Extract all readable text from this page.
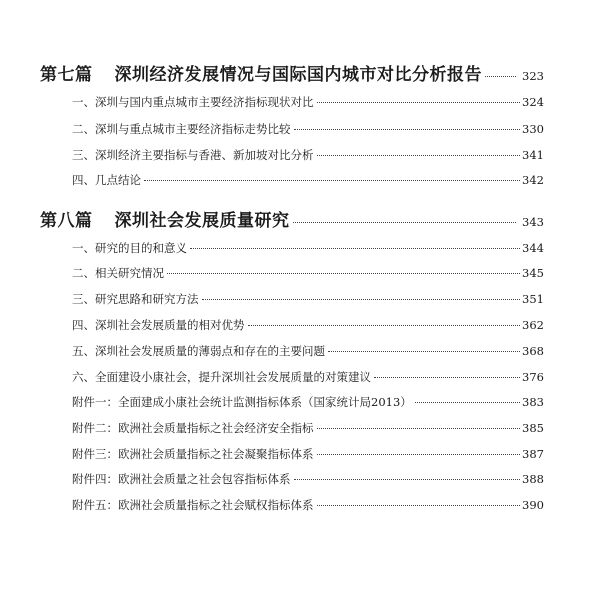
第七篇 深圳经济发展情况与国际国内城市对比分析报告	323
一、深圳与国内重点城市主要经济指标现状对比	324
二、深圳与重点城市主要经济指标走势比较	330
三、深圳经济主要指标与香港、新加坡对比分析	341
四、几点结论	342
第八篇 深圳社会发展质量研究	343
一、研究的目的和意义	344
二、相关研究情况	345
三、研究思路和研究方法	351
四、深圳社会发展质量的相对优势	362
五、深圳社会发展质量的薄弱点和存在的主要问题	368
六、全面建设小康社会，提升深圳社会发展质量的对策建议	376
附件一：全面建成小康社会统计监测指标体系（国家统计局2013）	383
附件二：欧洲社会质量指标之社会经济安全指标	385
附件三：欧洲社会质量指标之社会凝聚指标体系	387
附件四：欧洲社会质量之社会包容指标体系	388
附件五：欧洲社会质量指标之社会赋权指标体系	390
